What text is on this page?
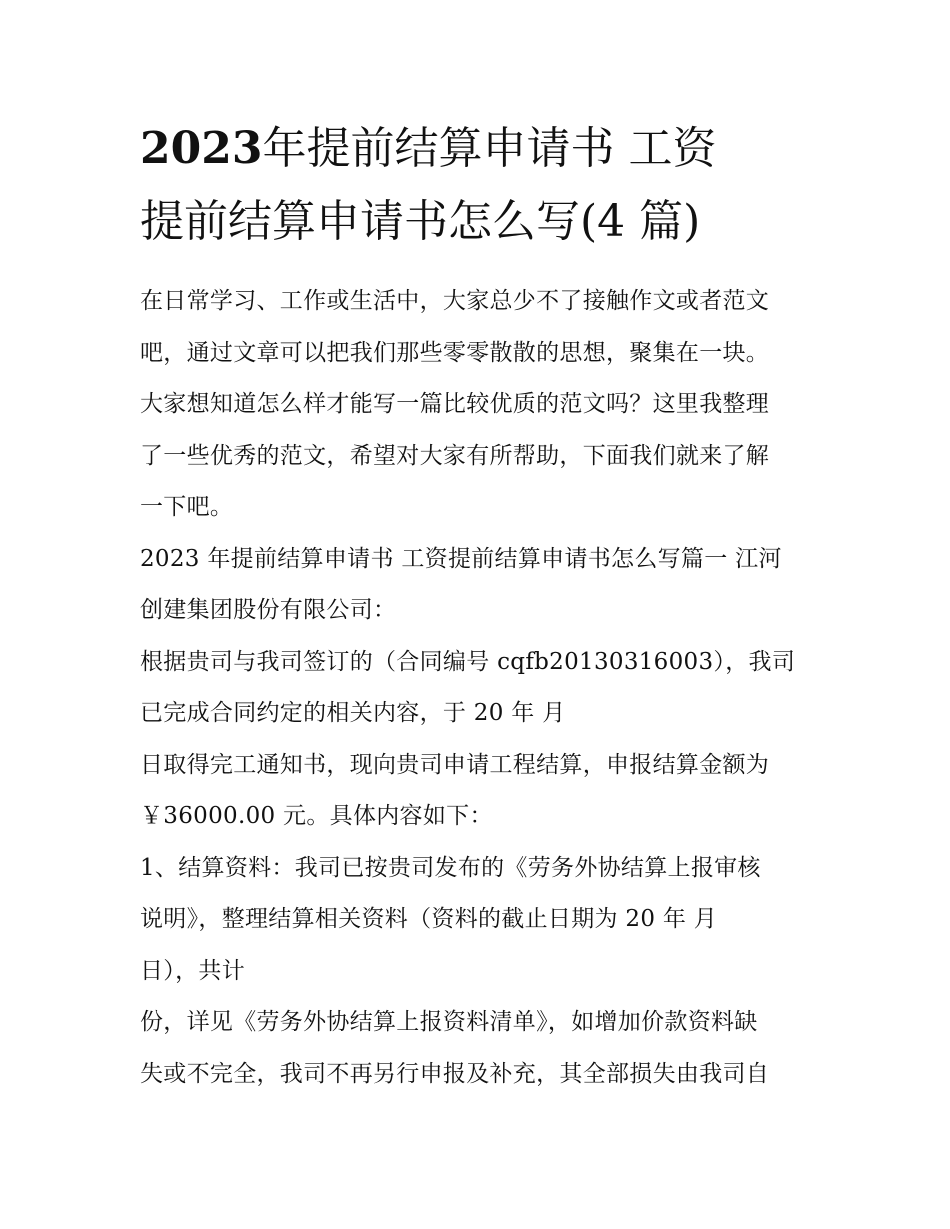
2023年提前结算申请书 工资
提前结算申请书怎么写(4 篇)
在日常学习、工作或生活中，大家总少不了接触作文或者范文
吧，通过文章可以把我们那些零零散散的思想，聚集在一块。
大家想知道怎么样才能写一篇比较优质的范文吗？这里我整理
了一些优秀的范文，希望对大家有所帮助，下面我们就来了解
一下吧。
2023 年提前结算申请书 工资提前结算申请书怎么写篇一 江河
创建集团股份有限公司：
根据贵司与我司签订的（合同编号 cqfb20130316003），我司
已完成合同约定的相关内容，于 20 年 月
日取得完工通知书，现向贵司申请工程结算，申报结算金额为
￥36000.00 元。具体内容如下：
1、结算资料：我司已按贵司发布的《劳务外协结算上报审核
说明》，整理结算相关资料（资料的截止日期为 20 年 月
日），共计
份，详见《劳务外协结算上报资料清单》，如增加价款资料缺
失或不完全，我司不再另行申报及补充，其全部损失由我司自
